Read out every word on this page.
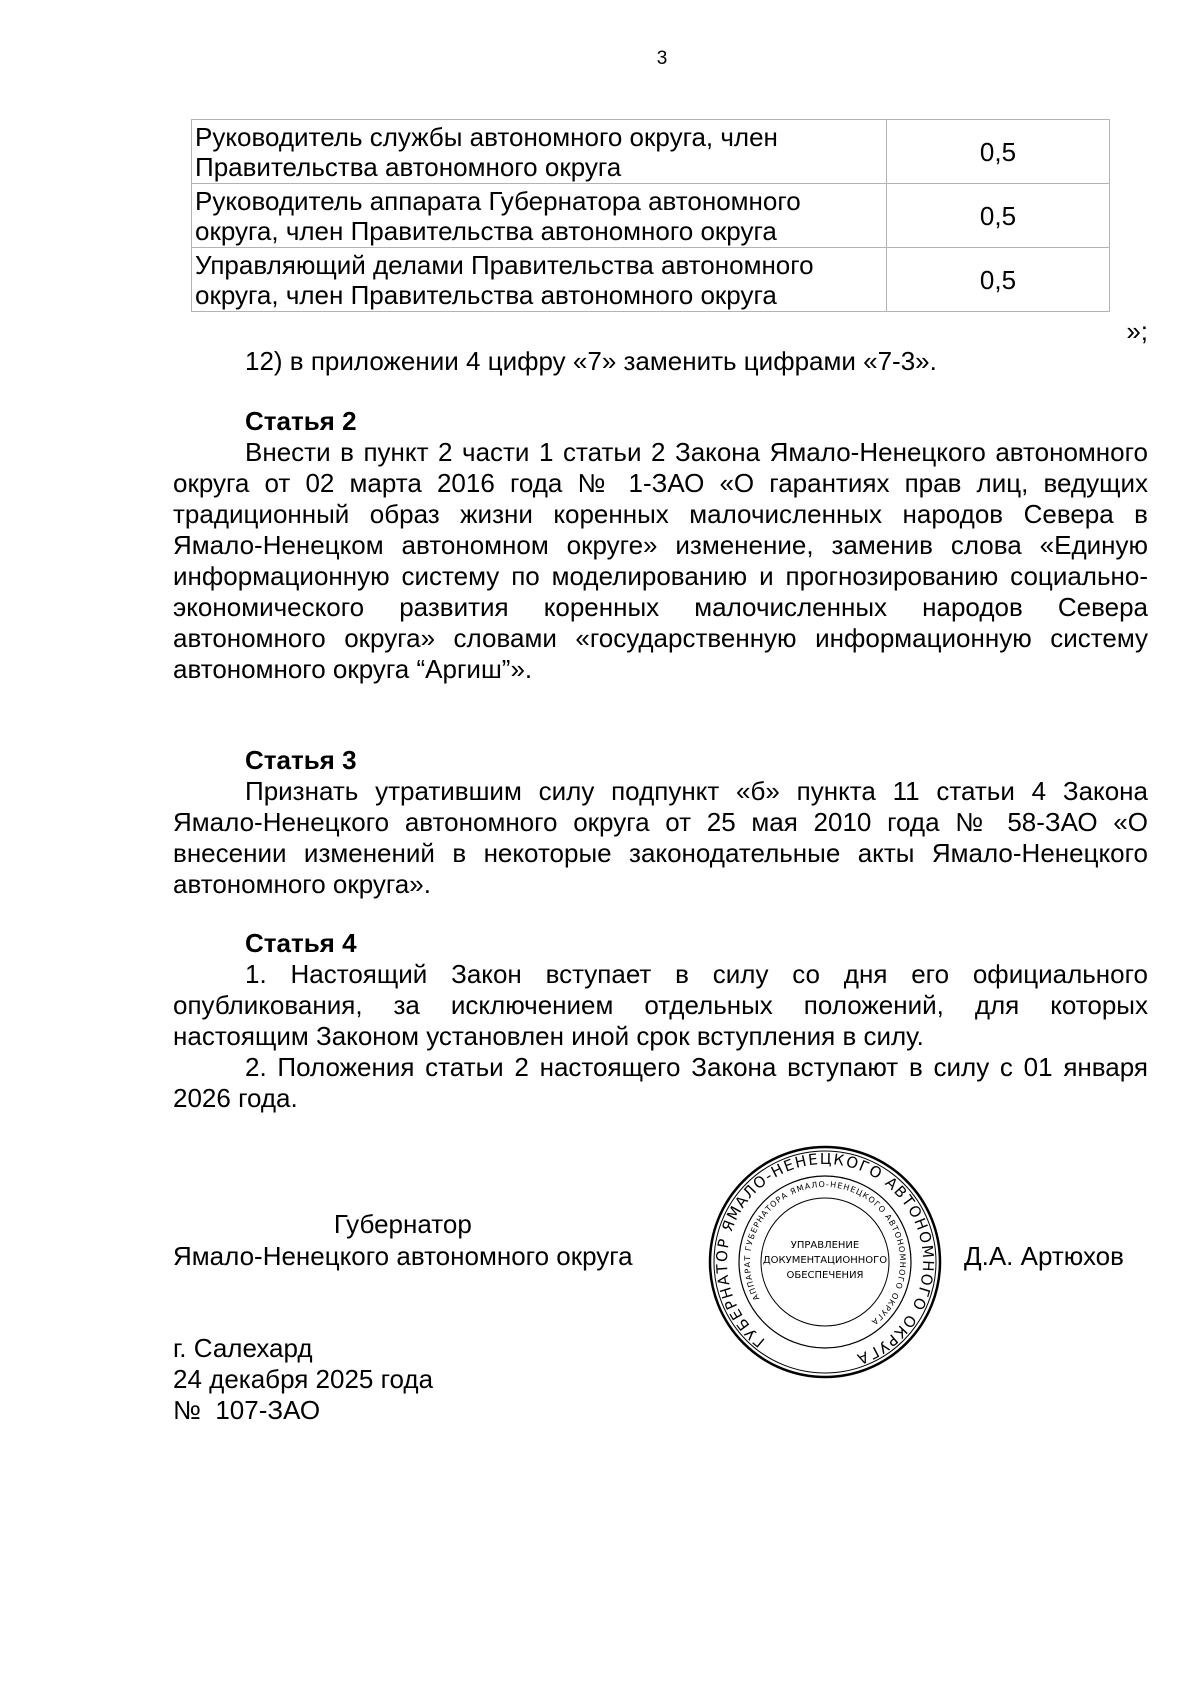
3
Руководитель службы автономного округа, член
Правительства автономного округа	0,5

Руководитель аппарата Губернатора автономного
округа, член Правительства автономного округа	0,5

Управляющий делами Правительства автономного
округа, член Правительства автономного округа	0,5
»;

12) в приложении 4 цифру «7» заменить цифрами «7-3».

Статья 2

Внести в пункт 2 части 1 статьи 2 Закона Ямало-Ненецкого автономного округа от 02 марта 2016 года № 1-ЗАО «О гарантиях прав лиц, ведущих традиционный образ жизни коренных малочисленных народов Севера в Ямало-Ненецком автономном округе» изменение, заменив слова «Единую информационную систему по моделированию и прогнозированию социально-экономического развития коренных малочисленных народов Севера автономного округа» словами «государственную информационную систему автономного округа “Аргиш”».

Статья 3

Признать утратившим силу подпункт «б» пункта 11 статьи 4 Закона Ямало-Ненецкого автономного округа от 25 мая 2010 года № 58-ЗАО «О внесении изменений в некоторые законодательные акты Ямало-Ненецкого автономного округа».

Статья 4

1. Настоящий Закон вступает в силу со дня его официального опубликования, за исключением отдельных положений, для которых настоящим Законом установлен иной срок вступления в силу.

2. Положения статьи 2 настоящего Закона вступают в силу с 01 января 2026 года.

Губернатор
Ямало-Ненецкого автономного округа	Д.А. Артюхов
ГУБЕРНАТОР ЯМАЛО-НЕНЕЦКОГО АВТОНОМНОГО ОКРУГА
АППАРАТ ГУБЕРНАТОРА ЯМАЛО-НЕНЕЦКОГО АВТОНОМНОГО ОКРУГА
УПРАВЛЕНИЕ
ДОКУМЕНТАЦИОННОГО
ОБЕСПЕЧЕНИЯ
г. Салехард
24 декабря 2025 года
№  107-ЗАО
